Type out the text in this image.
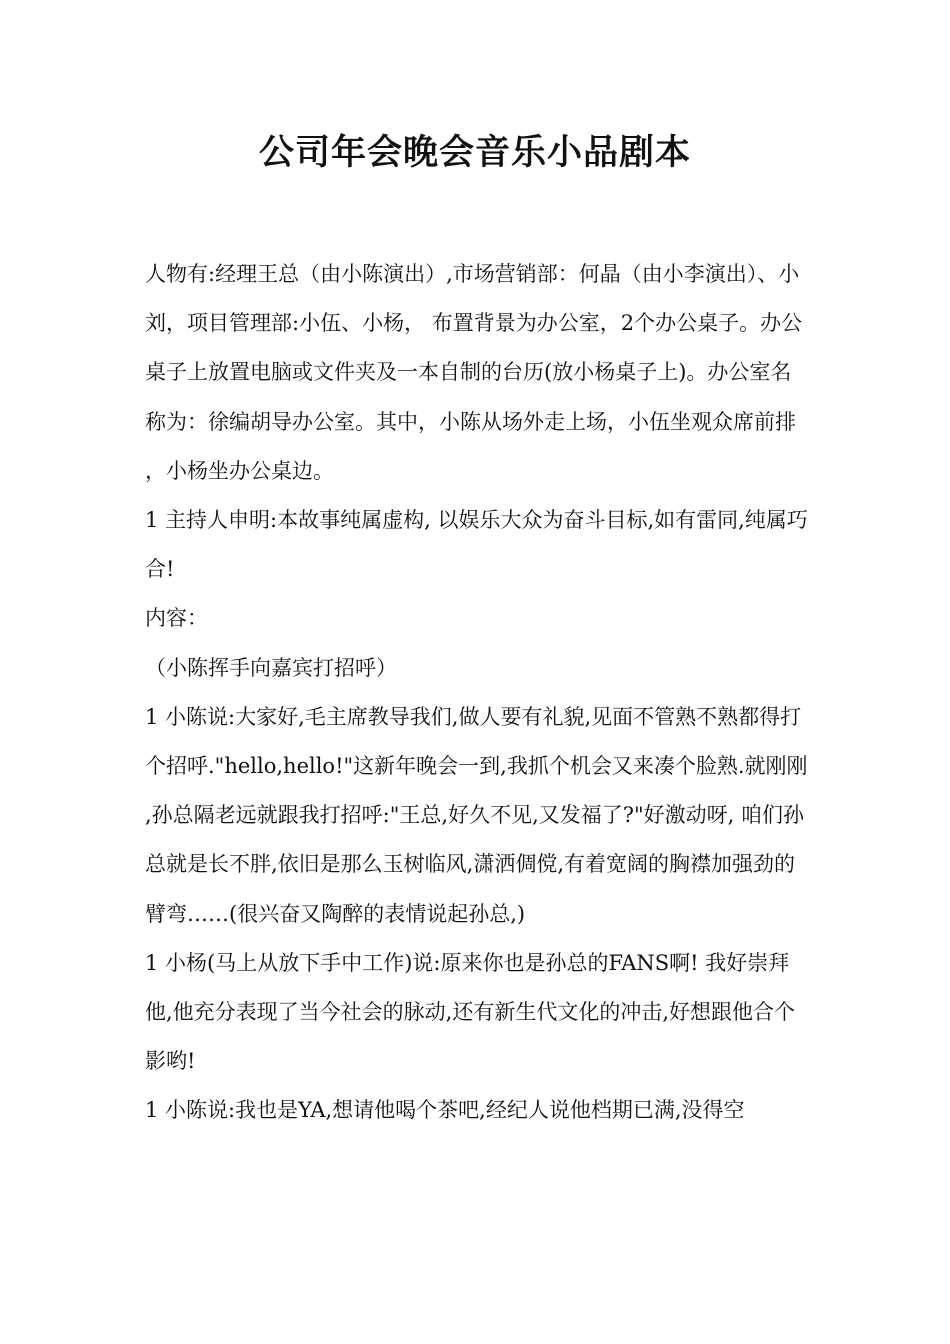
公司年会晚会音乐小品剧本

人物有:经理王总（由小陈演出）,市场营销部：何晶（由小李演出）、小刘，项目管理部:小伍、小杨， 布置背景为办公室，2个办公桌子。办公桌子上放置电脑或文件夹及一本自制的台历(放小杨桌子上)。办公室名称为：徐编胡导办公室。其中，小陈从场外走上场，小伍坐观众席前排，小杨坐办公桌边。

1 主持人申明:本故事纯属虚构, 以娱乐大众为奋斗目标,如有雷同,纯属巧合!

内容：

（小陈挥手向嘉宾打招呼）

1 小陈说:大家好,毛主席教导我们,做人要有礼貌,见面不管熟不熟都得打个招呼."hello,hello!"这新年晚会一到,我抓个机会又来凑个脸熟.就刚刚,孙总隔老远就跟我打招呼:"王总,好久不见,又发福了?"好激动呀, 咱们孙总就是长不胖,依旧是那么玉树临风,潇洒倜傥,有着宽阔的胸襟加强劲的臂弯……(很兴奋又陶醉的表情说起孙总,)

1 小杨(马上从放下手中工作)说:原来你也是孙总的FANS啊! 我好崇拜他,他充分表现了当今社会的脉动,还有新生代文化的冲击,好想跟他合个影哟!

1 小陈说:我也是YA,想请他喝个茶吧,经纪人说他档期已满,没得空
